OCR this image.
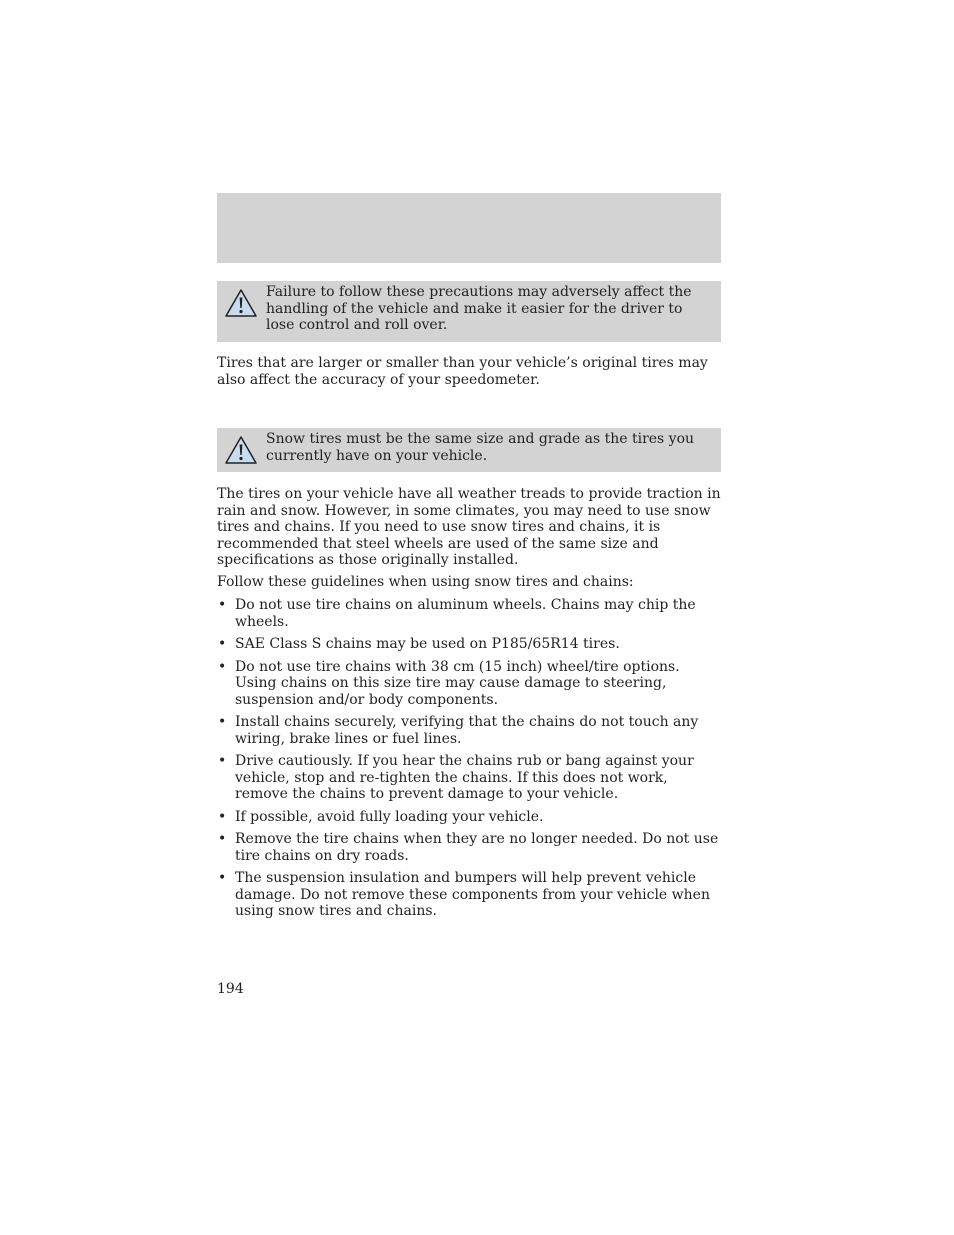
Failure to follow these precautions may adversely affect the handling of the vehicle and make it easier for the driver to lose control and roll over.

Tires that are larger or smaller than your vehicle’s original tires may also affect the accuracy of your speedometer.

Snow tires must be the same size and grade as the tires you currently have on your vehicle.

The tires on your vehicle have all weather treads to provide traction in rain and snow. However, in some climates, you may need to use snow tires and chains. If you need to use snow tires and chains, it is recommended that steel wheels are used of the same size and specifications as those originally installed.

Follow these guidelines when using snow tires and chains:

• Do not use tire chains on aluminum wheels. Chains may chip the wheels.
• SAE Class S chains may be used on P185/65R14 tires.
• Do not use tire chains with 38 cm (15 inch) wheel/tire options. Using chains on this size tire may cause damage to steering, suspension and/or body components.
• Install chains securely, verifying that the chains do not touch any wiring, brake lines or fuel lines.
• Drive cautiously. If you hear the chains rub or bang against your vehicle, stop and re-tighten the chains. If this does not work, remove the chains to prevent damage to your vehicle.
• If possible, avoid fully loading your vehicle.
• Remove the tire chains when they are no longer needed. Do not use tire chains on dry roads.
• The suspension insulation and bumpers will help prevent vehicle damage. Do not remove these components from your vehicle when using snow tires and chains.
194
